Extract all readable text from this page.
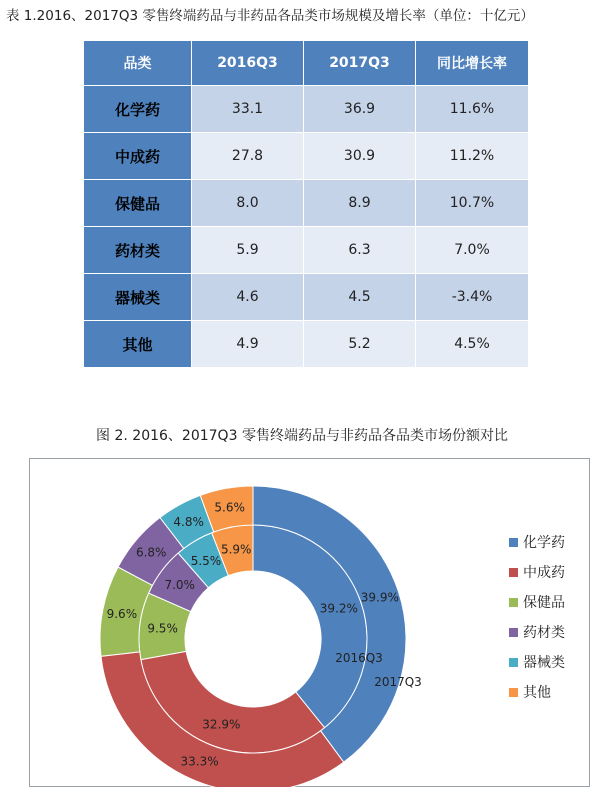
表 1.2016、2017Q3 零售终端药品与非药品各品类市场规模及增长率（单位：十亿元）
品类	2016Q3	2017Q3	同比增长率
化学药	33.1	36.9	11.6%
中成药	27.8	30.9	11.2%
保健品	8.0	8.9	10.7%
药材类	5.9	6.3	7.0%
器械类	4.6	4.5	-3.4%
其他	4.9	5.2	4.5%
图 2. 2016、2017Q3 零售终端药品与非药品各品类市场份额对比
39.2%
32.9%
9.5%
7.0%
5.5%
5.9%
39.9%
33.3%
9.6%
6.8%
4.8%
5.6%
2016Q3
2017Q3
化学药
中成药
保健品
药材类
器械类
其他
